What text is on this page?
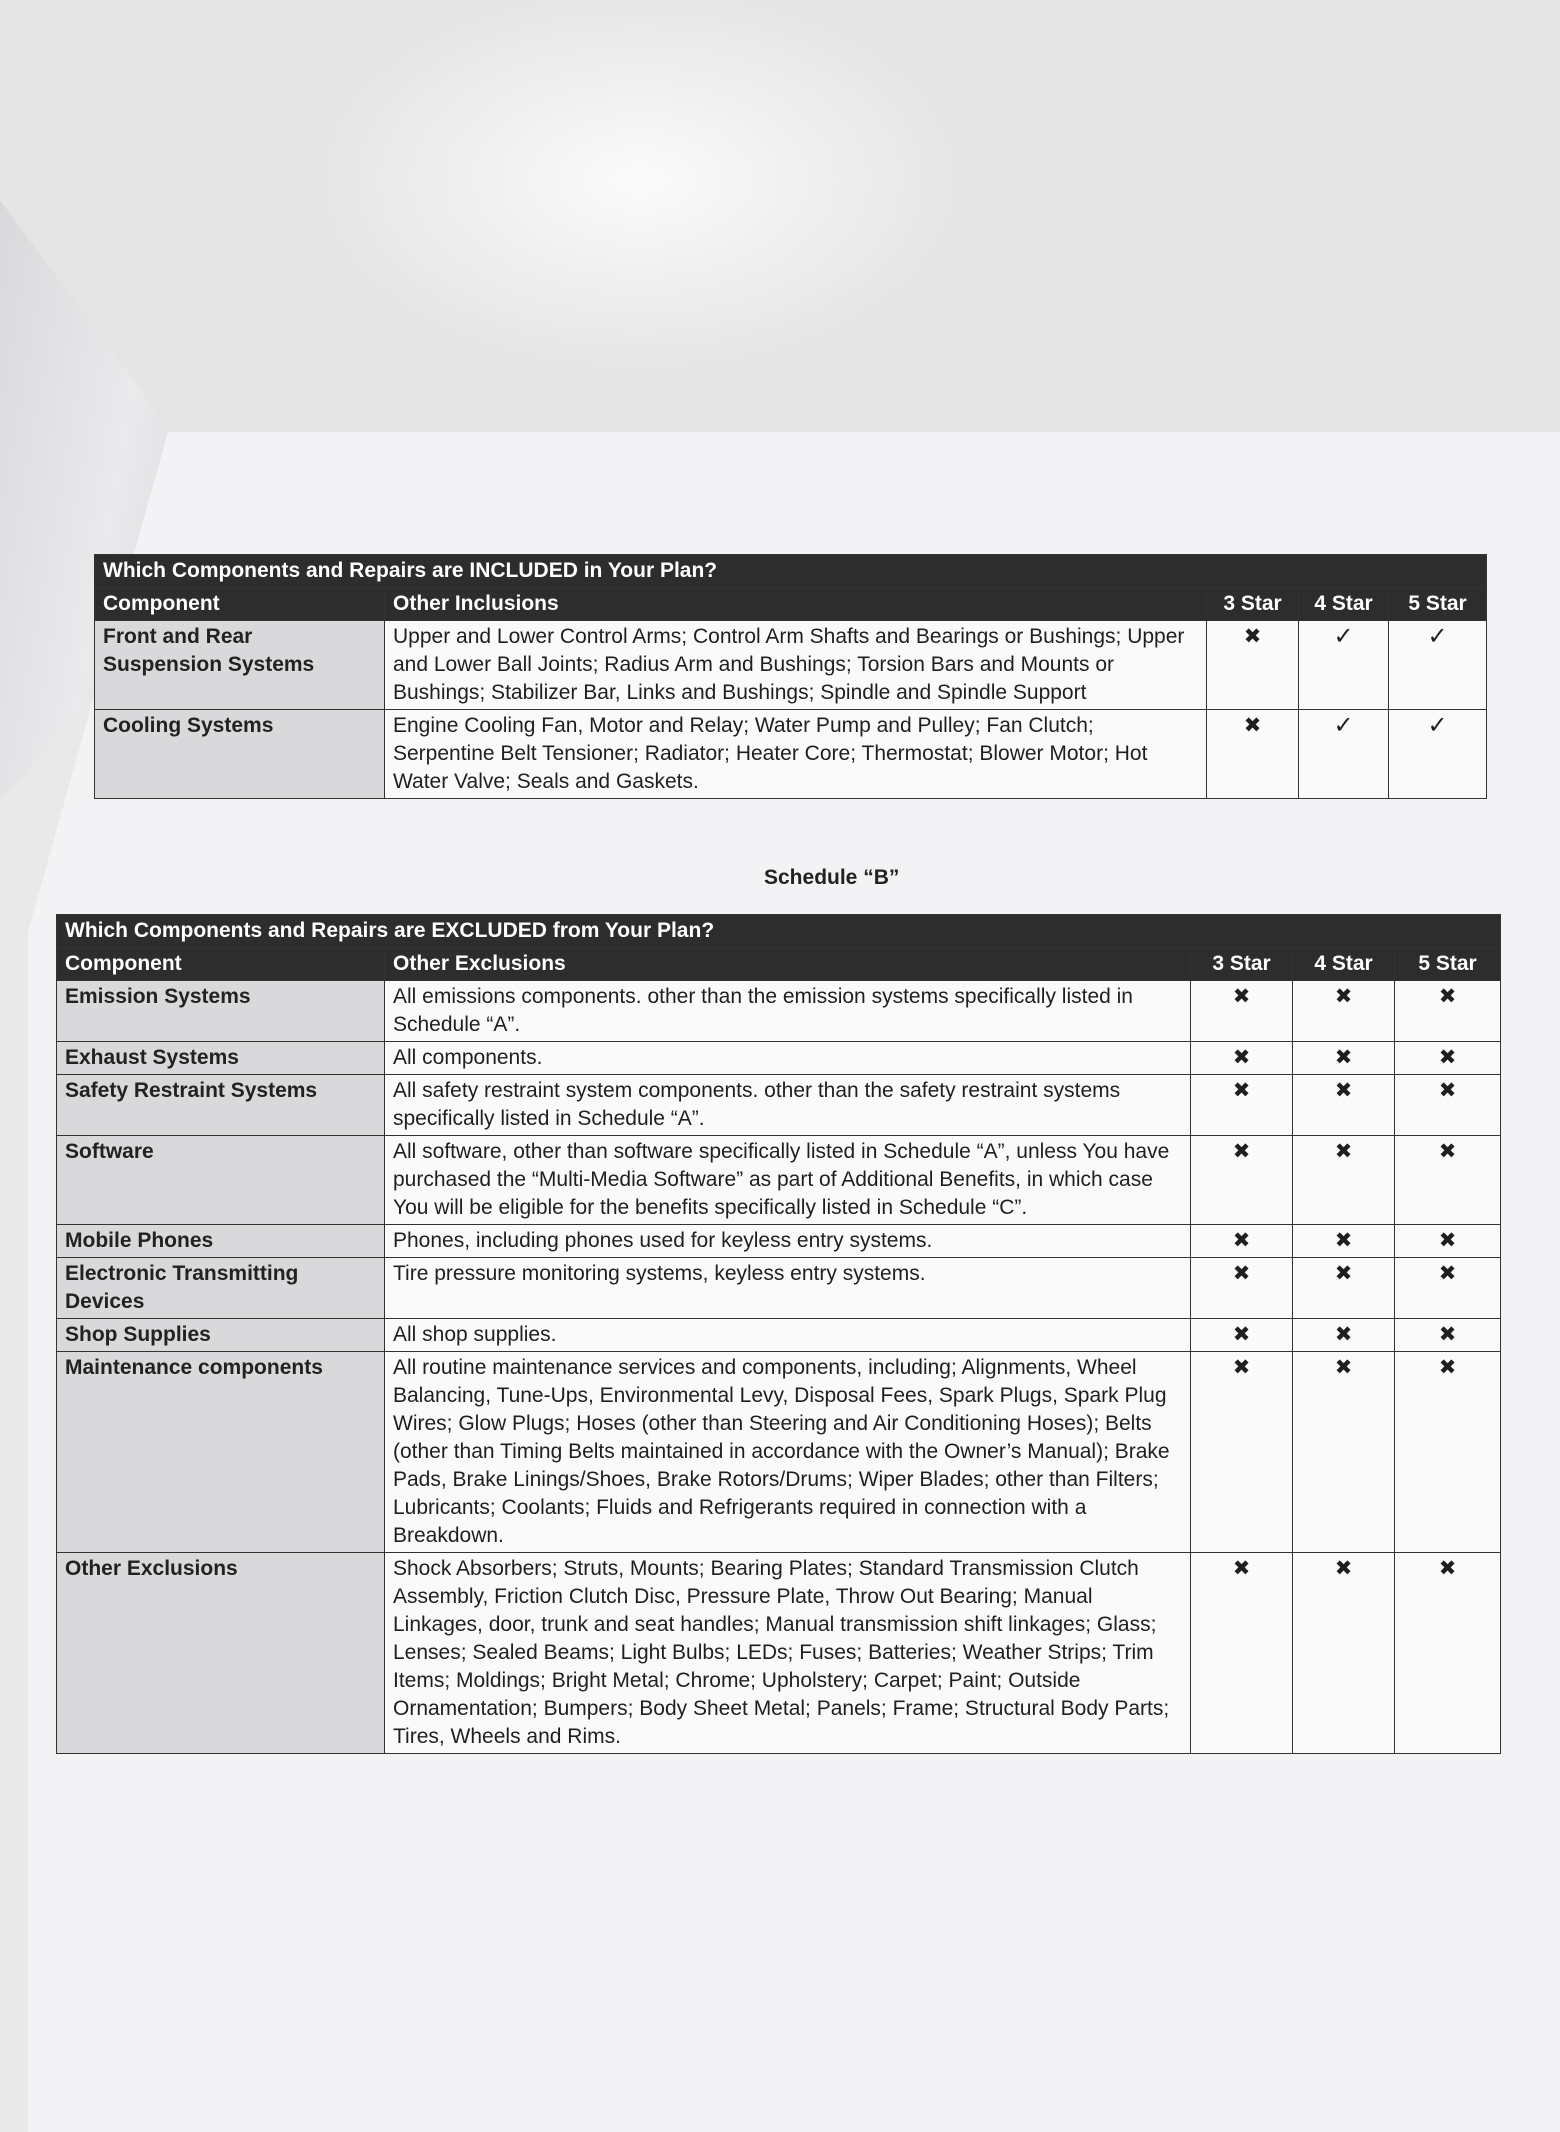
Which Components and Repairs are INCLUDED in Your Plan?				
Component	Other Inclusions	3 Star	4 Star	5 Star
Front and Rear Suspension Systems	Upper and Lower Control Arms; Control Arm Shafts and Bearings or Bushings; Upper and Lower Ball Joints; Radius Arm and Bushings; Torsion Bars and Mounts or Bushings; Stabilizer Bar, Links and Bushings; Spindle and Spindle Support	✖	✓	✓
Cooling Systems	Engine Cooling Fan, Motor and Relay; Water Pump and Pulley; Fan Clutch; Serpentine Belt Tensioner; Radiator; Heater Core; Thermostat; Blower Motor; Hot Water Valve; Seals and Gaskets.	✖	✓	✓
Schedule “B”
Which Components and Repairs are EXCLUDED from Your Plan?				
Component	Other Exclusions	3 Star	4 Star	5 Star
Emission Systems	All emissions components. other than the emission systems specifically listed in Schedule “A”.	✖	✖	✖
Exhaust Systems	All components.	✖	✖	✖
Safety Restraint Systems	All safety restraint system components. other than the safety restraint systems specifically listed in Schedule “A”.	✖	✖	✖
Software	All software, other than software specifically listed in Schedule “A”, unless You have purchased the “Multi-Media Software” as part of Additional Benefits, in which case You will be eligible for the benefits specifically listed in Schedule “C”.	✖	✖	✖
Mobile Phones	Phones, including phones used for keyless entry systems.	✖	✖	✖
Electronic Transmitting Devices	Tire pressure monitoring systems, keyless entry systems.	✖	✖	✖
Shop Supplies	All shop supplies.	✖	✖	✖
Maintenance components	All routine maintenance services and components, including; Alignments, Wheel Balancing, Tune-Ups, Environmental Levy, Disposal Fees, Spark Plugs, Spark Plug Wires; Glow Plugs; Hoses (other than Steering and Air Conditioning Hoses); Belts (other than Timing Belts maintained in accordance with the Owner’s Manual); Brake Pads, Brake Linings/Shoes, Brake Rotors/Drums; Wiper Blades; other than Filters; Lubricants; Coolants; Fluids and Refrigerants required in connection with a Breakdown.	✖	✖	✖
Other Exclusions	Shock Absorbers; Struts, Mounts; Bearing Plates; Standard Transmission Clutch Assembly, Friction Clutch Disc, Pressure Plate, Throw Out Bearing; Manual Linkages, door, trunk and seat handles; Manual transmission shift linkages; Glass; Lenses; Sealed Beams; Light Bulbs; LEDs; Fuses; Batteries; Weather Strips; Trim Items; Moldings; Bright Metal; Chrome; Upholstery; Carpet; Paint; Outside Ornamentation; Bumpers; Body Sheet Metal; Panels; Frame; Structural Body Parts; Tires, Wheels and Rims.	✖	✖	✖
